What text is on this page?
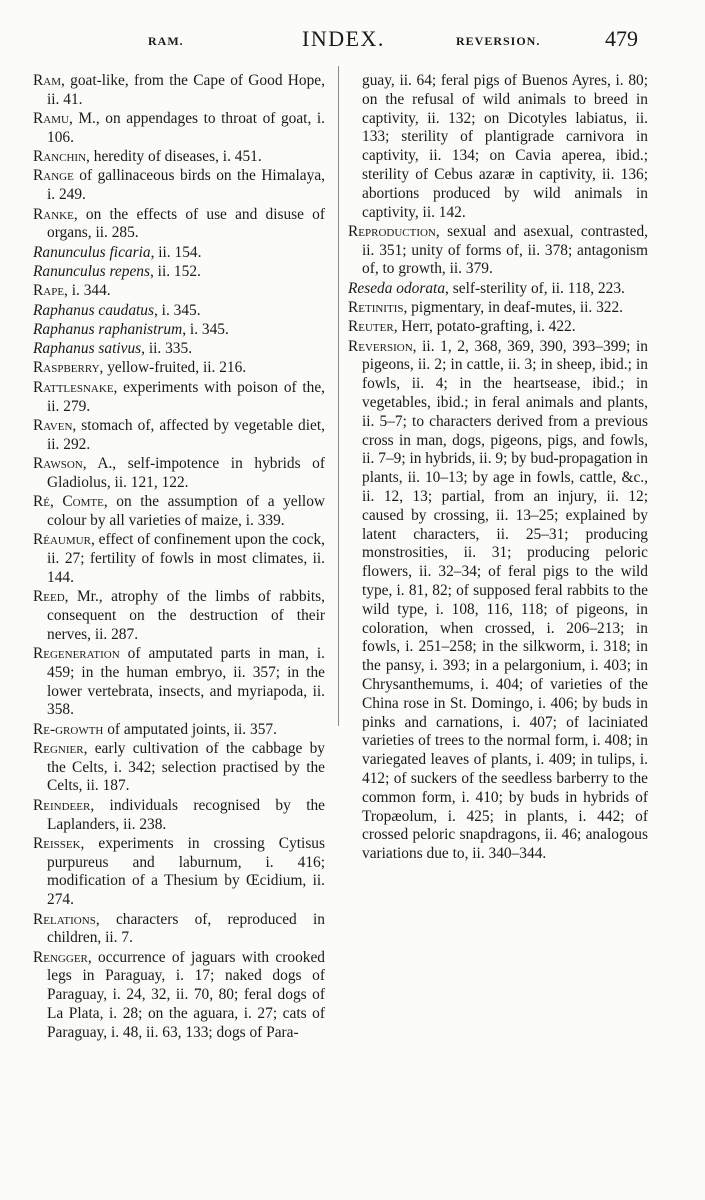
RAM.	INDEX.	REVERSION.	479

Ram, goat-like, from the Cape of Good Hope, ii. 41.

Ramu, M., on appendages to throat of goat, i. 106.

Ranchin, heredity of diseases, i. 451.

Range of gallinaceous birds on the Himalaya, i. 249.

Ranke, on the effects of use and disuse of organs, ii. 285.

Ranunculus ficaria, ii. 154.

Ranunculus repens, ii. 152.

Rape, i. 344.

Raphanus caudatus, i. 345.

Raphanus raphanistrum, i. 345.

Raphanus sativus, ii. 335.

Raspberry, yellow-fruited, ii. 216.

Rattlesnake, experiments with poison of the, ii. 279.

Raven, stomach of, affected by vegetable diet, ii. 292.

Rawson, A., self-impotence in hybrids of Gladiolus, ii. 121, 122.

Ré, Comte, on the assumption of a yellow colour by all varieties of maize, i. 339.

Réaumur, effect of confinement upon the cock, ii. 27; fertility of fowls in most climates, ii. 144.

Reed, Mr., atrophy of the limbs of rabbits, consequent on the destruction of their nerves, ii. 287.

Regeneration of amputated parts in man, i. 459; in the human embryo, ii. 357; in the lower vertebrata, insects, and myriapoda, ii. 358.

Re-growth of amputated joints, ii. 357.

Regnier, early cultivation of the cabbage by the Celts, i. 342; selection practised by the Celts, ii. 187.

Reindeer, individuals recognised by the Laplanders, ii. 238.

Reissek, experiments in crossing Cytisus purpureus and laburnum, i. 416; modification of a Thesium by Œcidium, ii. 274.

Relations, characters of, reproduced in children, ii. 7.

Rengger, occurrence of jaguars with crooked legs in Paraguay, i. 17; naked dogs of Paraguay, i. 24, 32, ii. 70, 80; feral dogs of La Plata, i. 28; on the aguara, i. 27; cats of Paraguay, i. 48, ii. 63, 133; dogs of Para-

guay, ii. 64; feral pigs of Buenos Ayres, i. 80; on the refusal of wild animals to breed in captivity, ii. 132; on Dicotyles labiatus, ii. 133; sterility of plantigrade carnivora in captivity, ii. 134; on Cavia aperea, ibid.; sterility of Cebus azaræ in captivity, ii. 136; abortions produced by wild animals in captivity, ii. 142.

Reproduction, sexual and asexual, contrasted, ii. 351; unity of forms of, ii. 378; antagonism of, to growth, ii. 379.

Reseda odorata, self-sterility of, ii. 118, 223.

Retinitis, pigmentary, in deaf-mutes, ii. 322.

Reuter, Herr, potato-grafting, i. 422.

Reversion, ii. 1, 2, 368, 369, 390, 393–399; in pigeons, ii. 2; in cattle, ii. 3; in sheep, ibid.; in fowls, ii. 4; in the heartsease, ibid.; in vegetables, ibid.; in feral animals and plants, ii. 5–7; to characters derived from a previous cross in man, dogs, pigeons, pigs, and fowls, ii. 7–9; in hybrids, ii. 9; by bud-propagation in plants, ii. 10–13; by age in fowls, cattle, &c., ii. 12, 13; partial, from an injury, ii. 12; caused by crossing, ii. 13–25; explained by latent characters, ii. 25–31; producing monstrosities, ii. 31; producing peloric flowers, ii. 32–34; of feral pigs to the wild type, i. 81, 82; of supposed feral rabbits to the wild type, i. 108, 116, 118; of pigeons, in coloration, when crossed, i. 206–213; in fowls, i. 251–258; in the silkworm, i. 318; in the pansy, i. 393; in a pelargonium, i. 403; in Chrysanthemums, i. 404; of varieties of the China rose in St. Domingo, i. 406; by buds in pinks and carnations, i. 407; of laciniated varieties of trees to the normal form, i. 408; in variegated leaves of plants, i. 409; in tulips, i. 412; of suckers of the seedless barberry to the common form, i. 410; by buds in hybrids of Tropæolum, i. 425; in plants, i. 442; of crossed peloric snapdragons, ii. 46; analogous variations due to, ii. 340–344.
